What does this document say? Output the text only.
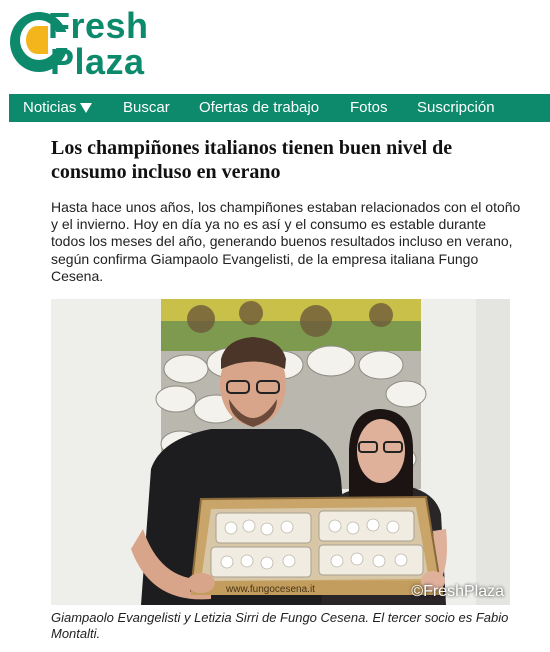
Fresh
Plaza
Noticias	Buscar Ofertas de trabajo Fotos Suscripción
Los champiñones italianos tienen buen nivel de consumo incluso en verano

Hasta hace unos años, los champiñones estaban relacionados con el otoño y el invierno. Hoy en día ya no es así y el consumo es estable durante todos los meses del año, generando buenos resultados incluso en verano, según confirma Giampaolo Evangelisti, de la empresa italiana Fungo Cesena.

www.fungocesena.it	©FreshPlaza

Giampaolo Evangelisti y Letizia Sirri de Fungo Cesena. El tercer socio es Fabio Montalti.
